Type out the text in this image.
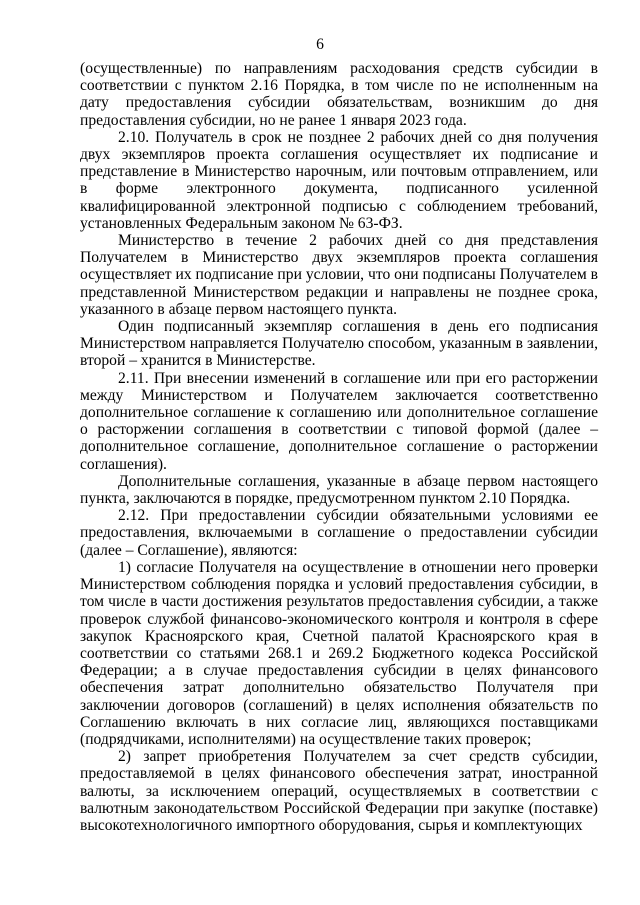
6

(осуществленные) по направлениям расходования средств субсидии в соответствии с пунктом 2.16 Порядка, в том числе по не исполненным на дату предоставления субсидии обязательствам, возникшим до дня предоставления субсидии, но не ранее 1 января 2023 года.

2.10. Получатель в срок не позднее 2 рабочих дней со дня получения двух экземпляров проекта соглашения осуществляет их подписание и представление в Министерство нарочным, или почтовым отправлением, или в форме электронного документа, подписанного усиленной квалифицированной электронной подписью с соблюдением требований, установленных Федеральным законом № 63-ФЗ.

Министерство в течение 2 рабочих дней со дня представления Получателем в Министерство двух экземпляров проекта соглашения осуществляет их подписание при условии, что они подписаны Получателем в представленной Министерством редакции и направлены не позднее срока, указанного в абзаце первом настоящего пункта.

Один подписанный экземпляр соглашения в день его подписания Министерством направляется Получателю способом, указанным в заявлении, второй – хранится в Министерстве.

2.11. При внесении изменений в соглашение или при его расторжении между Министерством и Получателем заключается соответственно дополнительное соглашение к соглашению или дополнительное соглашение о расторжении соглашения в соответствии с типовой формой (далее – дополнительное соглашение, дополнительное соглашение о расторжении соглашения).

Дополнительные соглашения, указанные в абзаце первом настоящего пункта, заключаются в порядке, предусмотренном пунктом 2.10 Порядка.

2.12. При предоставлении субсидии обязательными условиями ее предоставления, включаемыми в соглашение о предоставлении субсидии (далее – Соглашение), являются:

1) согласие Получателя на осуществление в отношении него проверки Министерством соблюдения порядка и условий предоставления субсидии, в том числе в части достижения результатов предоставления субсидии, а также проверок службой финансово-экономического контроля и контроля в сфере закупок Красноярского края, Счетной палатой Красноярского края в соответствии со статьями 268.1 и 269.2 Бюджетного кодекса Российской Федерации; а в случае предоставления субсидии в целях финансового обеспечения затрат дополнительно обязательство Получателя при заключении договоров (соглашений) в целях исполнения обязательств по Соглашению включать в них согласие лиц, являющихся поставщиками (подрядчиками, исполнителями) на осуществление таких проверок;

2) запрет приобретения Получателем за счет средств субсидии, предоставляемой в целях финансового обеспечения затрат, иностранной валюты, за исключением операций, осуществляемых в соответствии с валютным законодательством Российской Федерации при закупке (поставке) высокотехнологичного импортного оборудования, сырья и комплектующих
